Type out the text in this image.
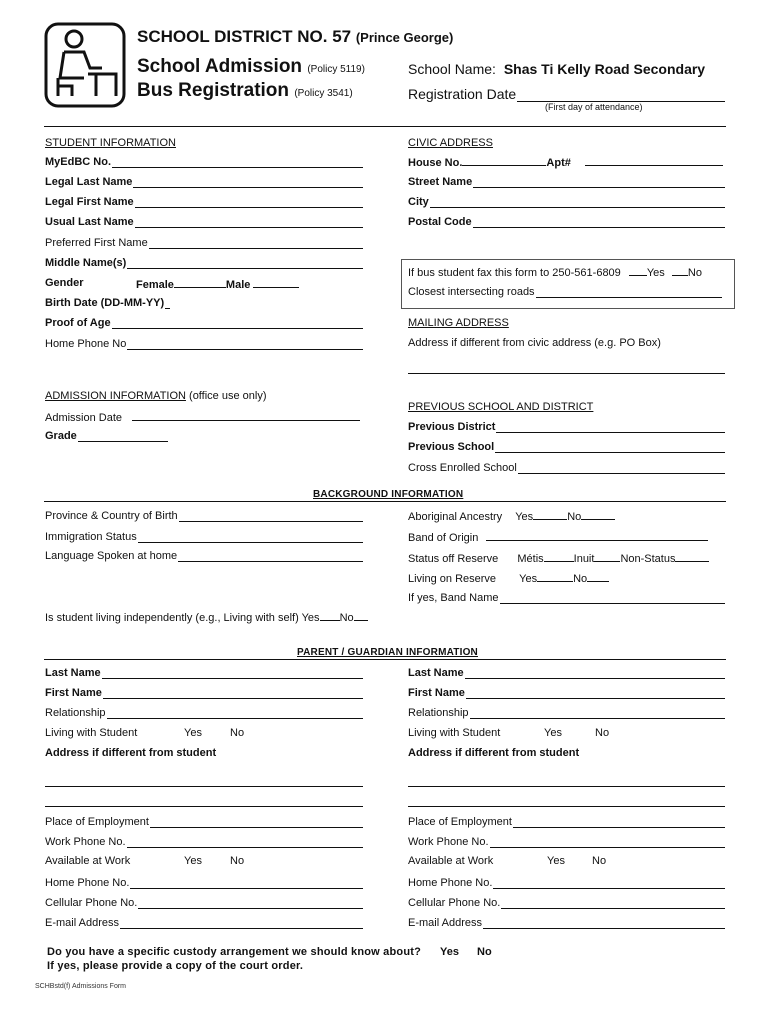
SCHOOL DISTRICT NO. 57 (Prince George)
School Admission (Policy 5119)
Bus Registration (Policy 3541)
School Name: Shas Ti Kelly Road Secondary
Registration Date
(First day of attendance)
STUDENT INFORMATION
MyEdBC No.
Legal Last Name
Legal First Name
Usual Last Name
Preferred First Name
Middle Name(s)
Gender	Female	Male
Birth Date (DD-MM-YY)
Proof of Age
Home Phone No
CIVIC ADDRESS
House No.	Apt#
Street Name
City
Postal Code
If bus student fax this form to 250-561-6809 Yes No
Closest intersecting roads
MAILING ADDRESS
Address if different from civic address (e.g. PO Box)
ADMISSION INFORMATION (office use only)
Admission Date
Grade
PREVIOUS SCHOOL AND DISTRICT
Previous District
Previous School
Cross Enrolled School
BACKGROUND INFORMATION
Province & Country of Birth
Immigration Status
Language Spoken at home
Aboriginal Ancestry Yes	No
Band of Origin
Status off Reserve Métis	Inuit Non-Status
Living on Reserve Yes	No
If yes, Band Name
Is student living independently (e.g., Living with self) Yes No
PARENT / GUARDIAN INFORMATION
Last Name
First Name
Relationship
Living with Student	Yes	No
Address if different from student
Place of Employment
Work Phone No.
Available at Work	Yes	No
Home Phone No.
Cellular Phone No.
E-mail Address
Last Name
First Name
Relationship
Living with Student	Yes	No
Address if different from student
Place of Employment
Work Phone No.
Available at Work	Yes No
Home Phone No.
Cellular Phone No.
E-mail Address
Do you have a specific custody arrangement we should know about? Yes No
If yes, please provide a copy of the court order.
SCHBstd(f) Admissions Form
